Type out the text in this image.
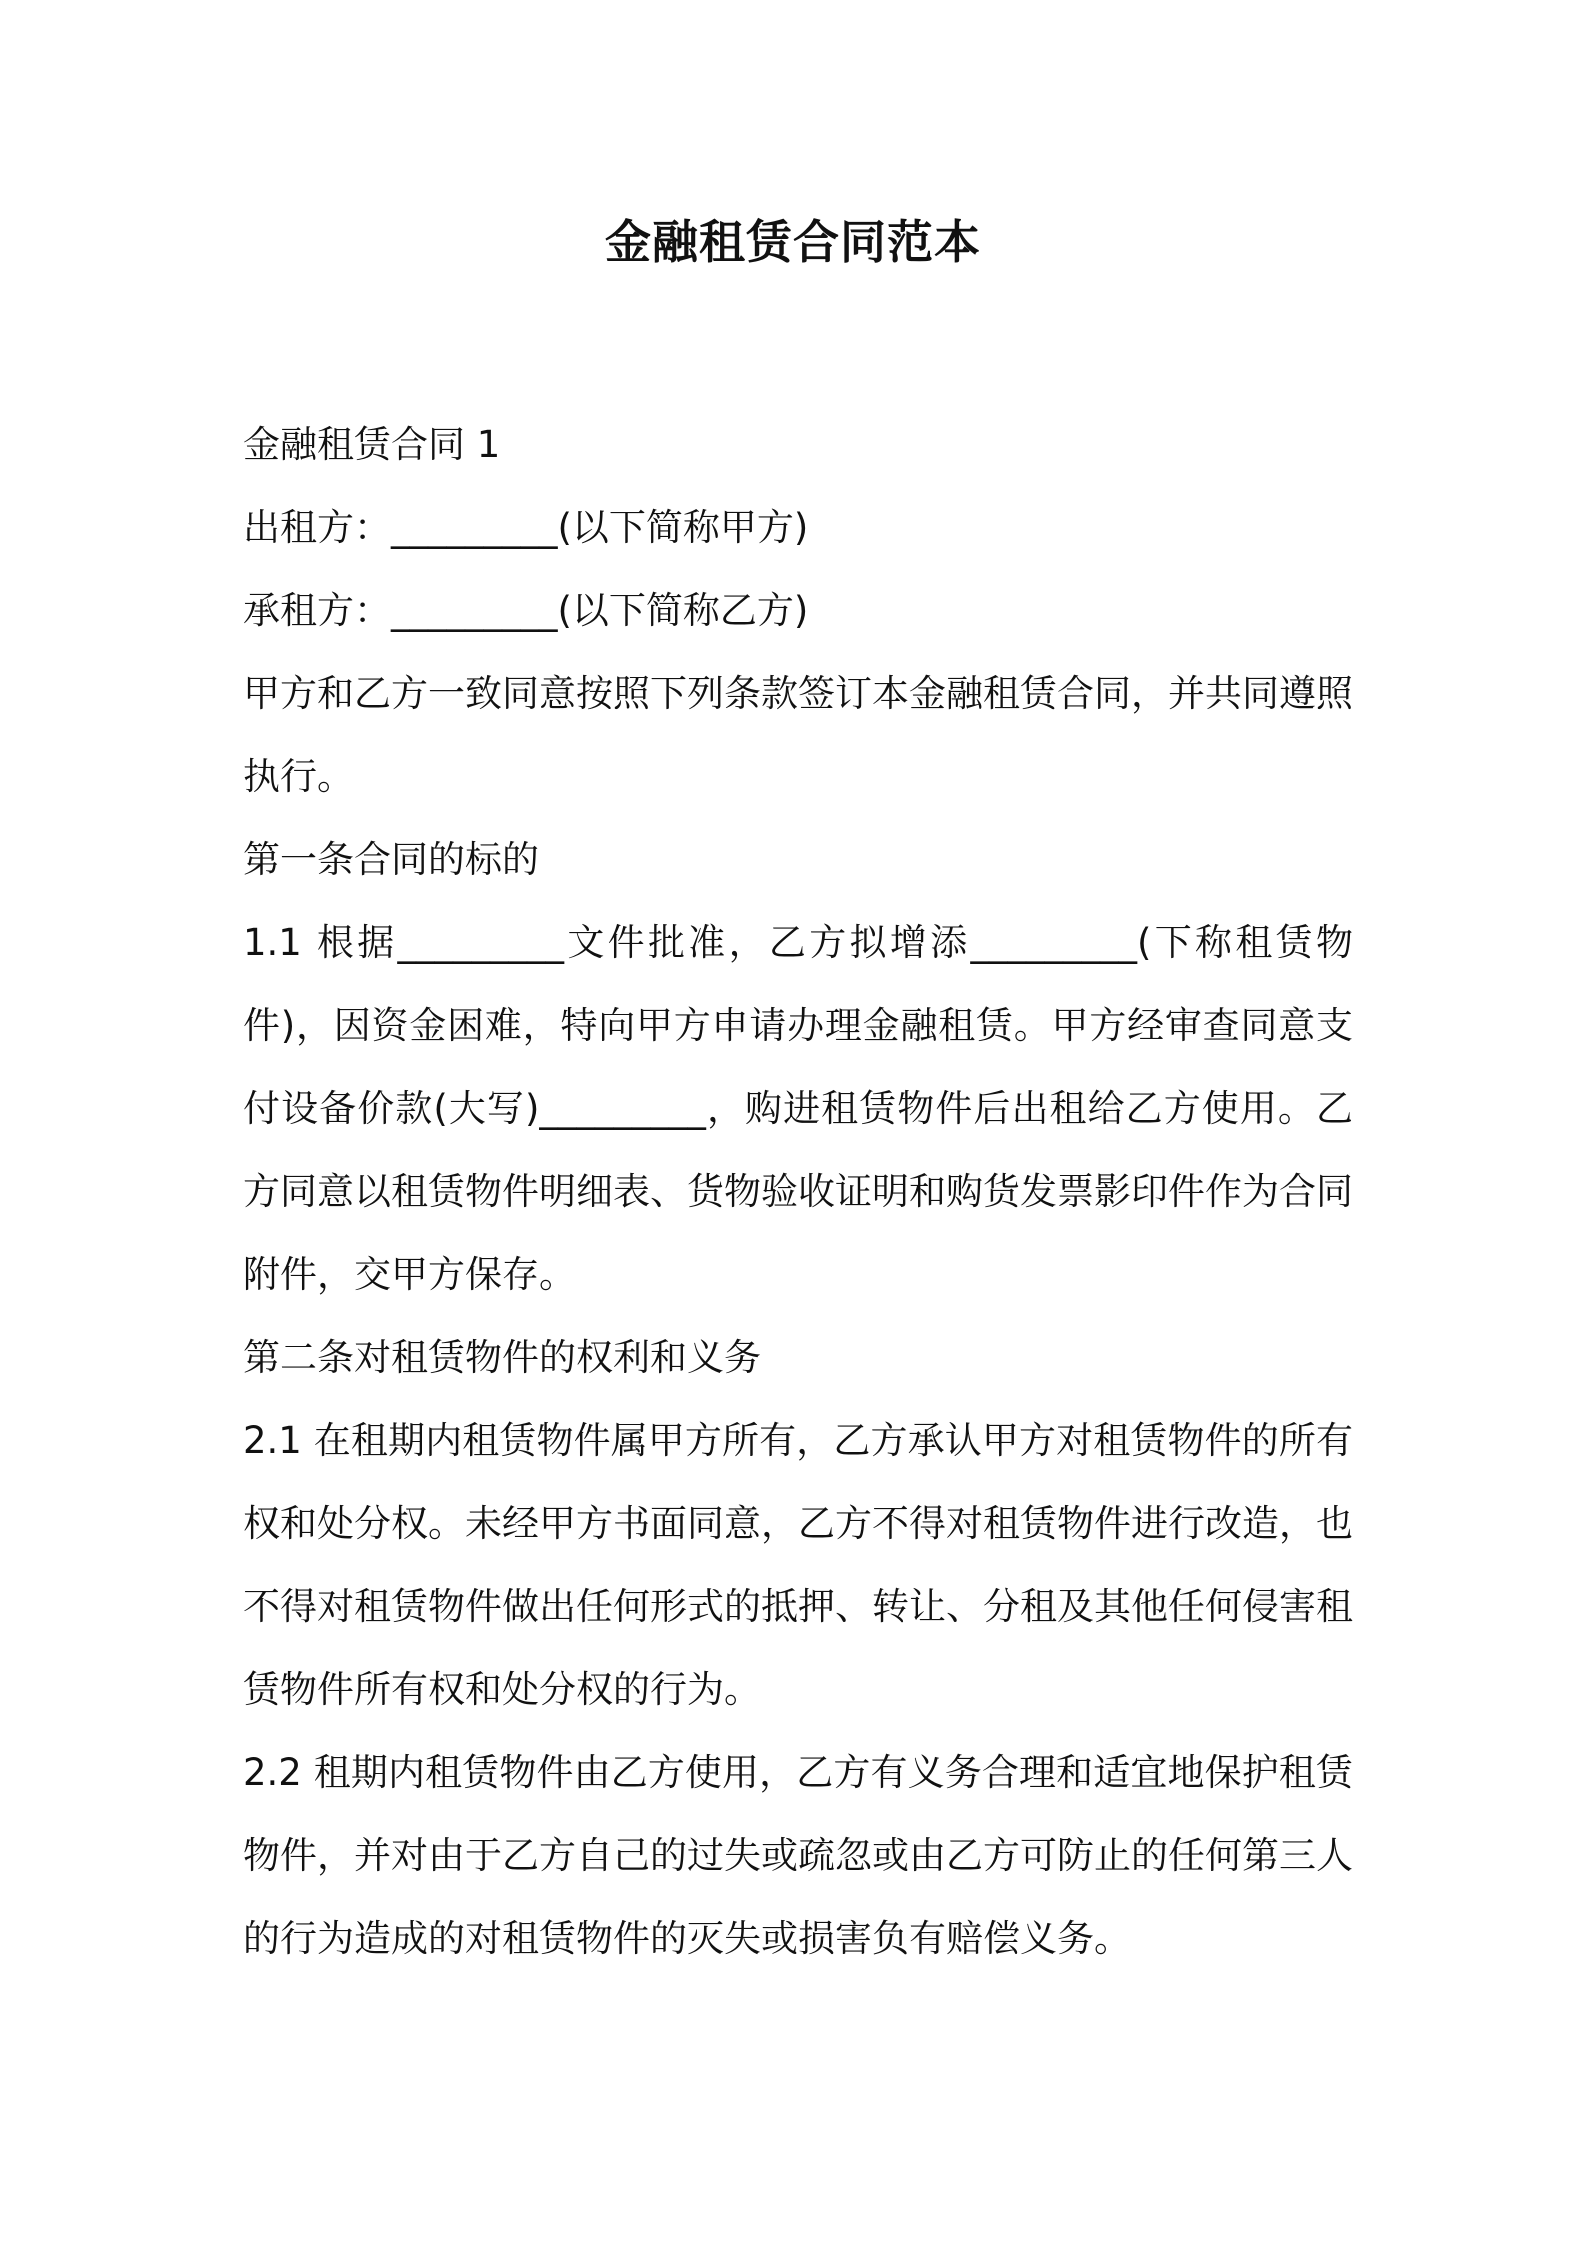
金融租赁合同范本

金融租赁合同 1

出租方：_________(以下简称甲方)

承租方：_________(以下简称乙方)

甲方和乙方一致同意按照下列条款签订本金融租赁合同，并共同遵照执行。

第一条合同的标的

1.1 根据_________文件批准，乙方拟增添_________(下称租赁物件)，因资金困难，特向甲方申请办理金融租赁。甲方经审查同意支付设备价款(大写)_________，购进租赁物件后出租给乙方使用。乙方同意以租赁物件明细表、货物验收证明和购货发票影印件作为合同附件，交甲方保存。

第二条对租赁物件的权利和义务

2.1 在租期内租赁物件属甲方所有，乙方承认甲方对租赁物件的所有权和处分权。未经甲方书面同意，乙方不得对租赁物件进行改造，也不得对租赁物件做出任何形式的抵押、转让、分租及其他任何侵害租赁物件所有权和处分权的行为。

2.2 租期内租赁物件由乙方使用，乙方有义务合理和适宜地保护租赁物件，并对由于乙方自己的过失或疏忽或由乙方可防止的任何第三人的行为造成的对租赁物件的灭失或损害负有赔偿义务。
